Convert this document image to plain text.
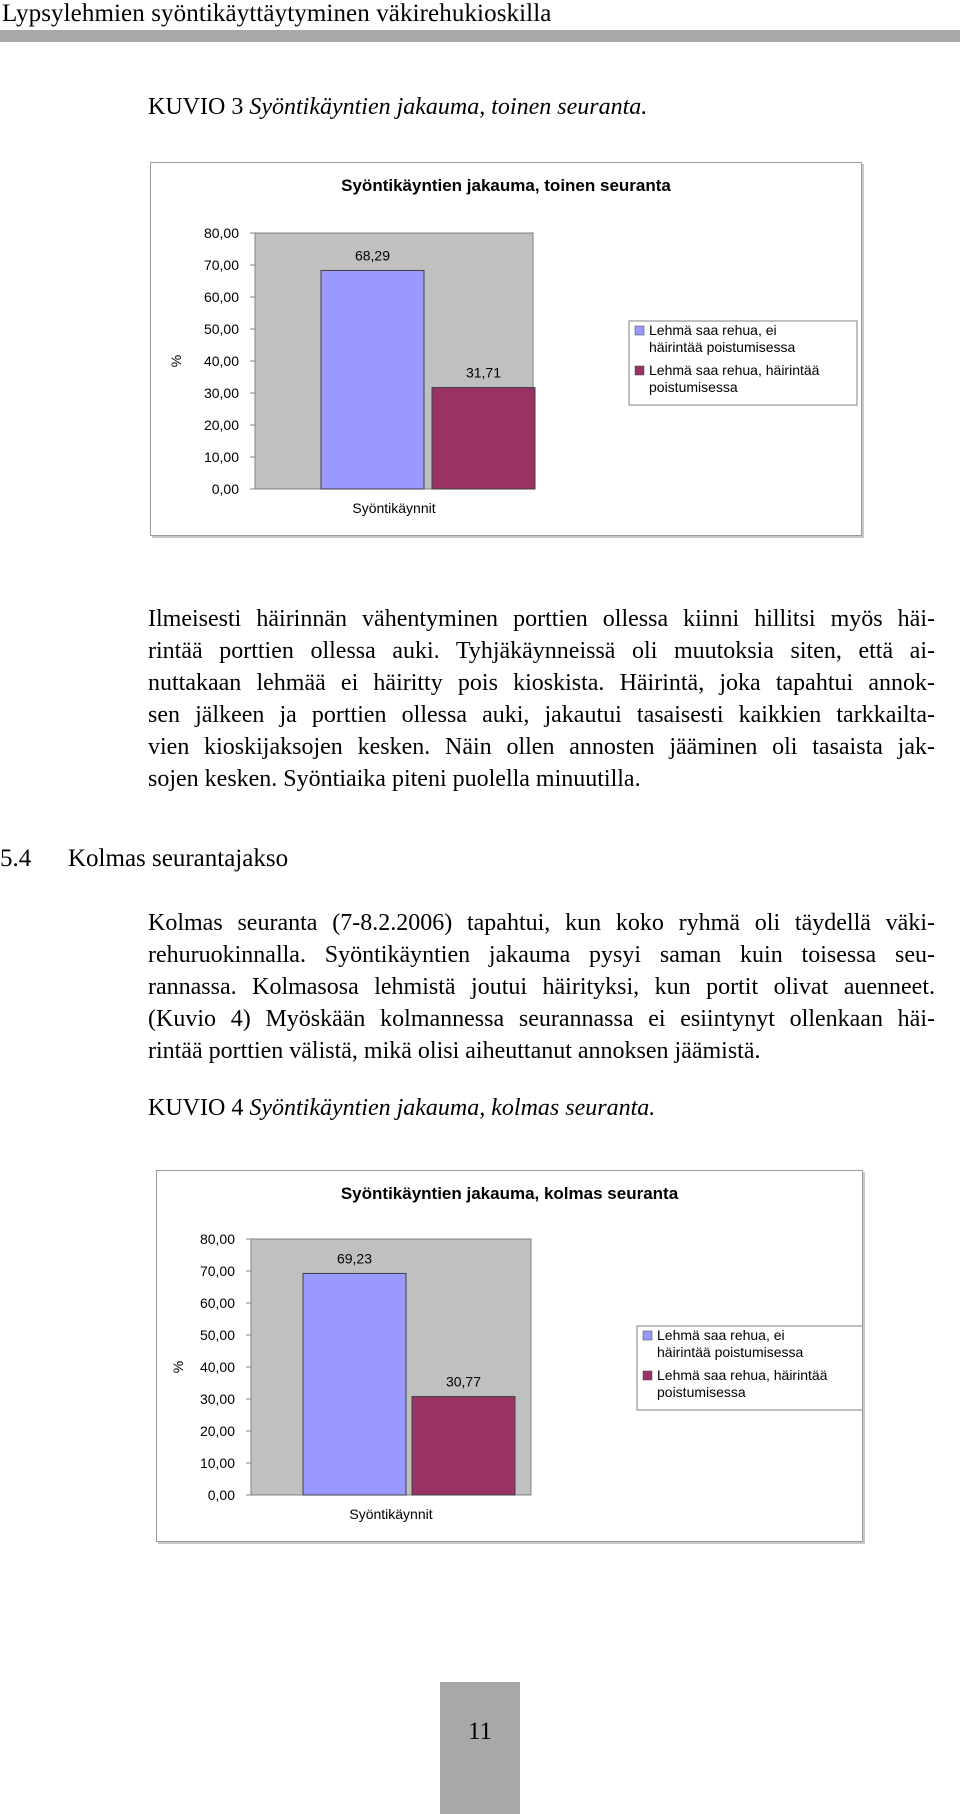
Lypsylehmien syöntikäyttäytyminen väkirehukioskilla
KUVIO 3 Syöntikäyntien jakauma, toinen seuranta.
Syöntikäyntien jakauma, toinen seuranta
0,00
10,00
20,00
30,00
40,00
50,00
60,00
70,00
80,00
%
68,29
31,71
Syöntikäynnit
Lehmä saa rehua, ei
häirintää poistumisessa
Lehmä saa rehua, häirintää
poistumisessa
Ilmeisesti häirinnän vähentyminen porttien ollessa kiinni hillitsi myös häi-
rintää porttien ollessa auki. Tyhjäkäynneissä oli muutoksia siten, että ai-
nuttakaan lehmää ei häiritty pois kioskista. Häirintä, joka tapahtui annok-
sen jälkeen ja porttien ollessa auki, jakautui tasaisesti kaikkien tarkkailta-
vien kioskijaksojen kesken. Näin ollen annosten jääminen oli tasaista jak-
sojen kesken. Syöntiaika piteni puolella minuutilla.
5.4 Kolmas seurantajakso
Kolmas seuranta (7-8.2.2006) tapahtui, kun koko ryhmä oli täydellä väki-
rehuruokinnalla. Syöntikäyntien jakauma pysyi saman kuin toisessa seu-
rannassa. Kolmasosa lehmistä joutui häirityksi, kun portit olivat auenneet.
(Kuvio 4) Myöskään kolmannessa seurannassa ei esiintynyt ollenkaan häi-
rintää porttien välistä, mikä olisi aiheuttanut annoksen jäämistä.
KUVIO 4 Syöntikäyntien jakauma, kolmas seuranta.
Syöntikäyntien jakauma, kolmas seuranta
0,00
10,00
20,00
30,00
40,00
50,00
60,00
70,00
80,00
%
69,23
30,77
Syöntikäynnit
Lehmä saa rehua, ei
häirintää poistumisessa
Lehmä saa rehua, häirintää
poistumisessa
11
